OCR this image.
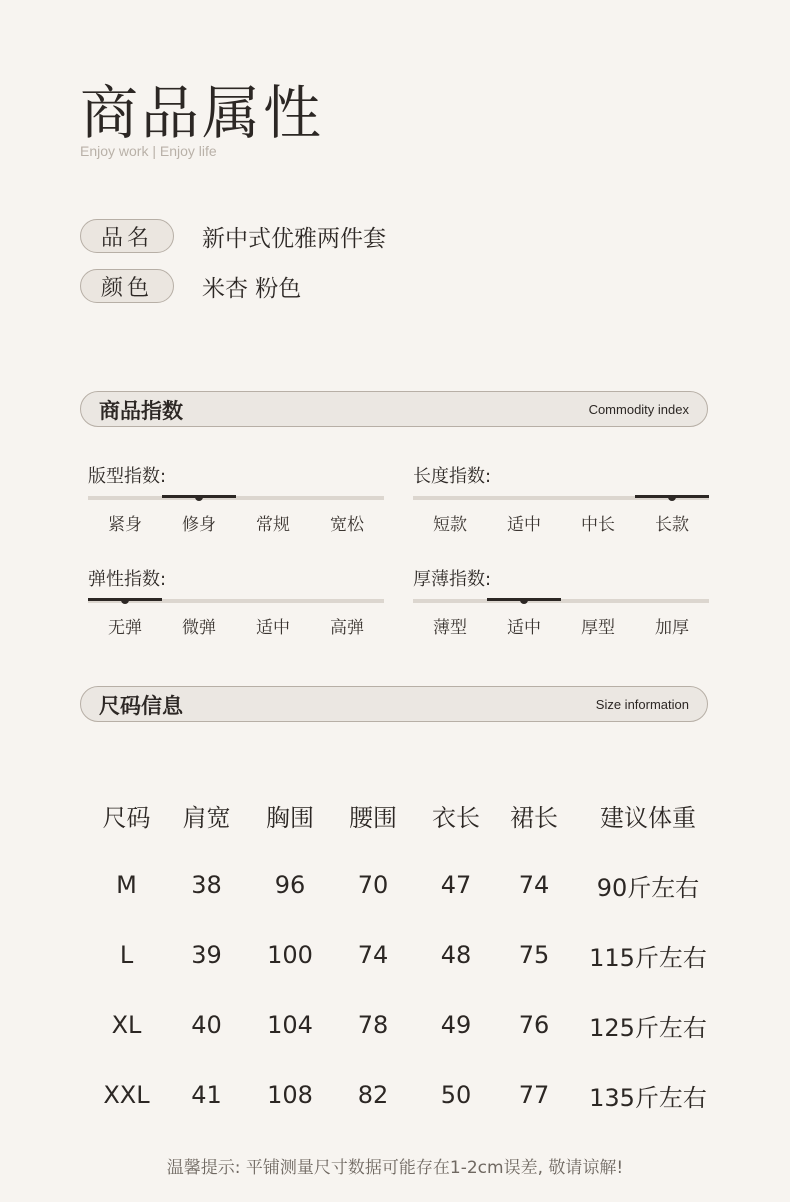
商品属性
Enjoy work | Enjoy life
品名	新中式优雅两件套
颜色	米杏 粉色
商品指数	Commodity index
版型指数:
紧身	修身	常规	宽松
长度指数:
短款	适中	中长	长款
弹性指数:
无弹	微弹	适中	高弹
厚薄指数:
薄型	适中	厚型	加厚
尺码信息	Size information
尺码	肩宽	胸围	腰围	衣长	裙长	建议体重
M	38	96	70	47	74	90斤左右
L	39	100	74	48	75	115斤左右
XL	40	104	78	49	76	125斤左右
XXL	41	108	82	50	77	135斤左右
温馨提示: 平铺测量尺寸数据可能存在1-2cm误差, 敬请谅解!
